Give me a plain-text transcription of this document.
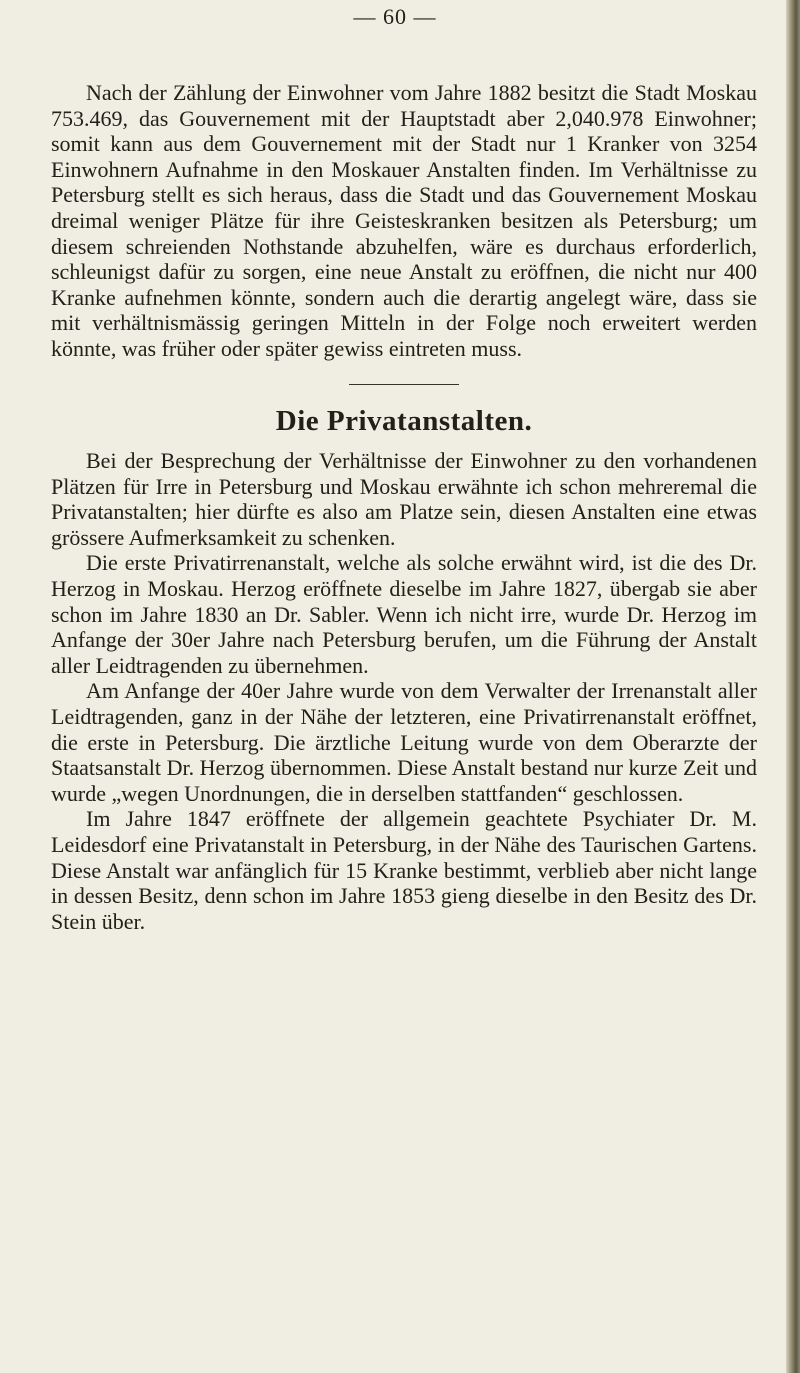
— 60 —

Nach der Zählung der Einwohner vom Jahre 1882 besitzt die Stadt Moskau 753.469, das Gouvernement mit der Hauptstadt aber 2,040.978 Einwohner; somit kann aus dem Gouvernement mit der Stadt nur 1 Kranker von 3254 Einwohnern Aufnahme in den Moskauer Anstalten finden. Im Verhältnisse zu Petersburg stellt es sich heraus, dass die Stadt und das Gouvernement Moskau dreimal weniger Plätze für ihre Geisteskranken besitzen als Petersburg; um diesem schreienden Nothstande abzuhelfen, wäre es durchaus erforderlich, schleunigst dafür zu sorgen, eine neue Anstalt zu eröffnen, die nicht nur 400 Kranke aufnehmen könnte, sondern auch die derartig angelegt wäre, dass sie mit verhältnismässig geringen Mitteln in der Folge noch erweitert werden könnte, was früher oder später gewiss eintreten muss.

Die Privatanstalten.

Bei der Besprechung der Verhältnisse der Einwohner zu den vorhandenen Plätzen für Irre in Petersburg und Moskau erwähnte ich schon mehreremal die Privatanstalten; hier dürfte es also am Platze sein, diesen Anstalten eine etwas grössere Aufmerksamkeit zu schenken.

Die erste Privatirrenanstalt, welche als solche erwähnt wird, ist die des Dr. Herzog in Moskau. Herzog eröffnete dieselbe im Jahre 1827, übergab sie aber schon im Jahre 1830 an Dr. Sabler. Wenn ich nicht irre, wurde Dr. Herzog im Anfange der 30er Jahre nach Petersburg berufen, um die Führung der Anstalt aller Leidtragenden zu übernehmen.

Am Anfange der 40er Jahre wurde von dem Verwalter der Irrenanstalt aller Leidtragenden, ganz in der Nähe der letzteren, eine Privatirrenanstalt eröffnet, die erste in Petersburg. Die ärztliche Leitung wurde von dem Oberarzte der Staatsanstalt Dr. Herzog übernommen. Diese Anstalt bestand nur kurze Zeit und wurde „wegen Unordnungen, die in derselben stattfanden“ geschlossen.

Im Jahre 1847 eröffnete der allgemein geachtete Psychiater Dr. M. Leidesdorf eine Privatanstalt in Petersburg, in der Nähe des Taurischen Gartens. Diese Anstalt war anfänglich für 15 Kranke bestimmt, verblieb aber nicht lange in dessen Besitz, denn schon im Jahre 1853 gieng dieselbe in den Besitz des Dr. Stein über.
